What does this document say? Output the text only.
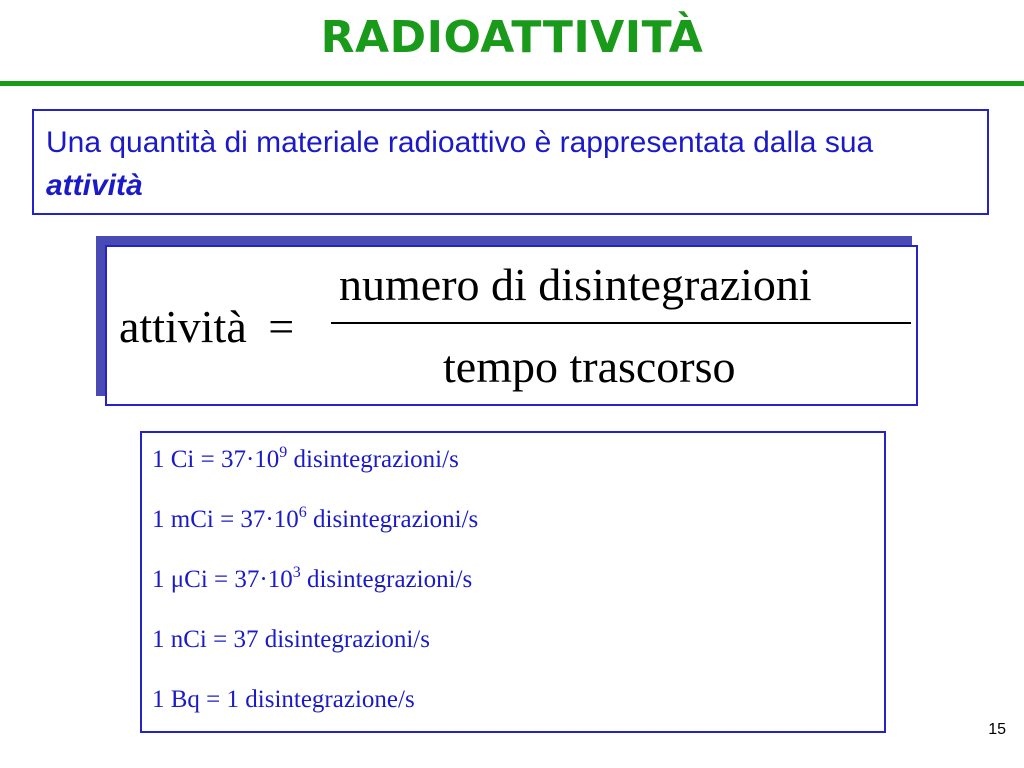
RADIOATTIVITÀ
Una quantità di materiale radioattivo è rappresentata dalla sua attività
attività =
numero di disintegrazioni
tempo trascorso
1 $Ci = 37\cdot 10^9$ disintegrazioni/s
1 mCi = $37\cdot 10^6$ disintegrazioni/s
1 $\mu Ci = 37\cdot 10^3$ disintegrazioni/s
1 nCi = 37 disintegrazioni/s
1 Bq = 1 disintegrazione/s
15
